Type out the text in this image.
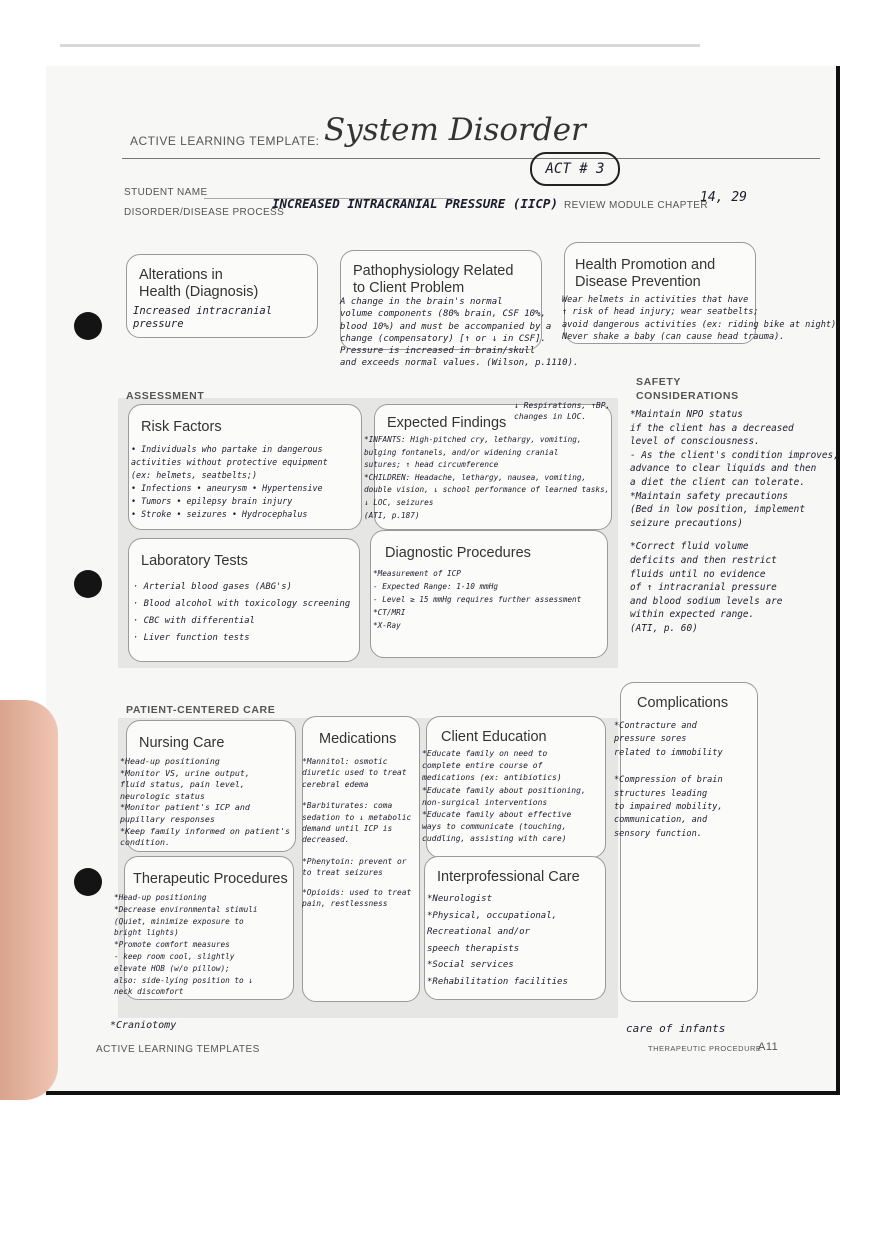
ACTIVE LEARNING TEMPLATE: System Disorder
ACT # 3
STUDENT NAME
DISORDER/DISEASE PROCESS
INCREASED INTRACRANIAL PRESSURE (IICP) REVIEW MODULE CHAPTER
14, 29
Alterations in
Health (Diagnosis)
Increased intracranial
pressure
Pathophysiology Related
to Client Problem
A change in the brain's normal
volume components (80% brain, CSF 10%,
blood 10%) and must be accompanied by a
change (compensatory) [↑ or ↓ in CSF].
Pressure is increased in brain/skull
and exceeds normal values. (Wilson, p.1110).
Health Promotion and
Disease Prevention
Wear helmets in activities that have
↑ risk of head injury; wear seatbelts;
avoid dangerous activities (ex: riding bike at night);
Never shake a baby (can cause head trauma).
ASSESSMENT
SAFETY
CONSIDERATIONS
*Maintain NPO status
if the client has a decreased
level of consciousness.
- As the client's condition improves,
advance to clear liquids and then
a diet the client can tolerate.
*Maintain safety precautions
(Bed in low position, implement
seizure precautions)
*Correct fluid volume
deficits and then restrict
fluids until no evidence
of ↑ intracranial pressure
and blood sodium levels are
within expected range.
(ATI, p. 60)
Risk Factors
• Individuals who partake in dangerous
activities without protective equipment
(ex: helmets, seatbelts;)
• Infections • aneurysm • Hypertensive
• Tumors • epilepsy brain injury
• Stroke • seizures • Hydrocephalus
Expected Findings
↓ Respirations, ↑BP,
changes in LOC.
*INFANTS: High-pitched cry, lethargy, vomiting,
bulging fontanels, and/or widening cranial
sutures; ↑ head circumference
*CHILDREN: Headache, lethargy, nausea, vomiting,
double vision, ↓ school performance of learned tasks,
↓ LOC, seizures
(ATI, p.187)
Laboratory Tests
· Arterial blood gases (ABG's)
· Blood alcohol with toxicology screening
· CBC with differential
· Liver function tests
Diagnostic Procedures
*Measurement of ICP
- Expected Range: 1-10 mmHg
- Level ≥ 15 mmHg requires further assessment
*CT/MRI
*X-Ray
Complications
*Contracture and
pressure sores
related to immobility
*Compression of brain
structures leading
to impaired mobility,
communication, and
sensory function.
PATIENT-CENTERED CARE
Nursing Care
*Head-up positioning
*Monitor VS, urine output,
fluid status, pain level,
neurologic status
*Monitor patient's ICP and
pupillary responses
*Keep family informed on patient's
condition.
Medications
*Mannitol: osmotic
diuretic used to treat
cerebral edema
*Barbiturates: coma
sedation to ↓ metabolic
demand until ICP is
decreased.
*Phenytoin: prevent or
to treat seizures
*Opioids: used to treat
pain, restlessness
Client Education
*Educate family on need to
complete entire course of
medications (ex: antibiotics)
*Educate family about positioning,
non-surgical interventions
*Educate family about effective
ways to communicate (touching,
cuddling, assisting with care)
Therapeutic Procedures
*Head-up positioning
*Decrease environmental stimuli
(Quiet, minimize exposure to
bright lights)
*Promote comfort measures
- keep room cool, slightly
elevate HOB (w/o pillow);
also: side-lying position to ↓
neck discomfort
*Craniotomy
Interprofessional Care
*Neurologist
*Physical, occupational,
Recreational and/or
speech therapists
*Social services
*Rehabilitation facilities
care of infants
ACTIVE LEARNING TEMPLATES	THERAPEUTIC PROCEDURE
A11
